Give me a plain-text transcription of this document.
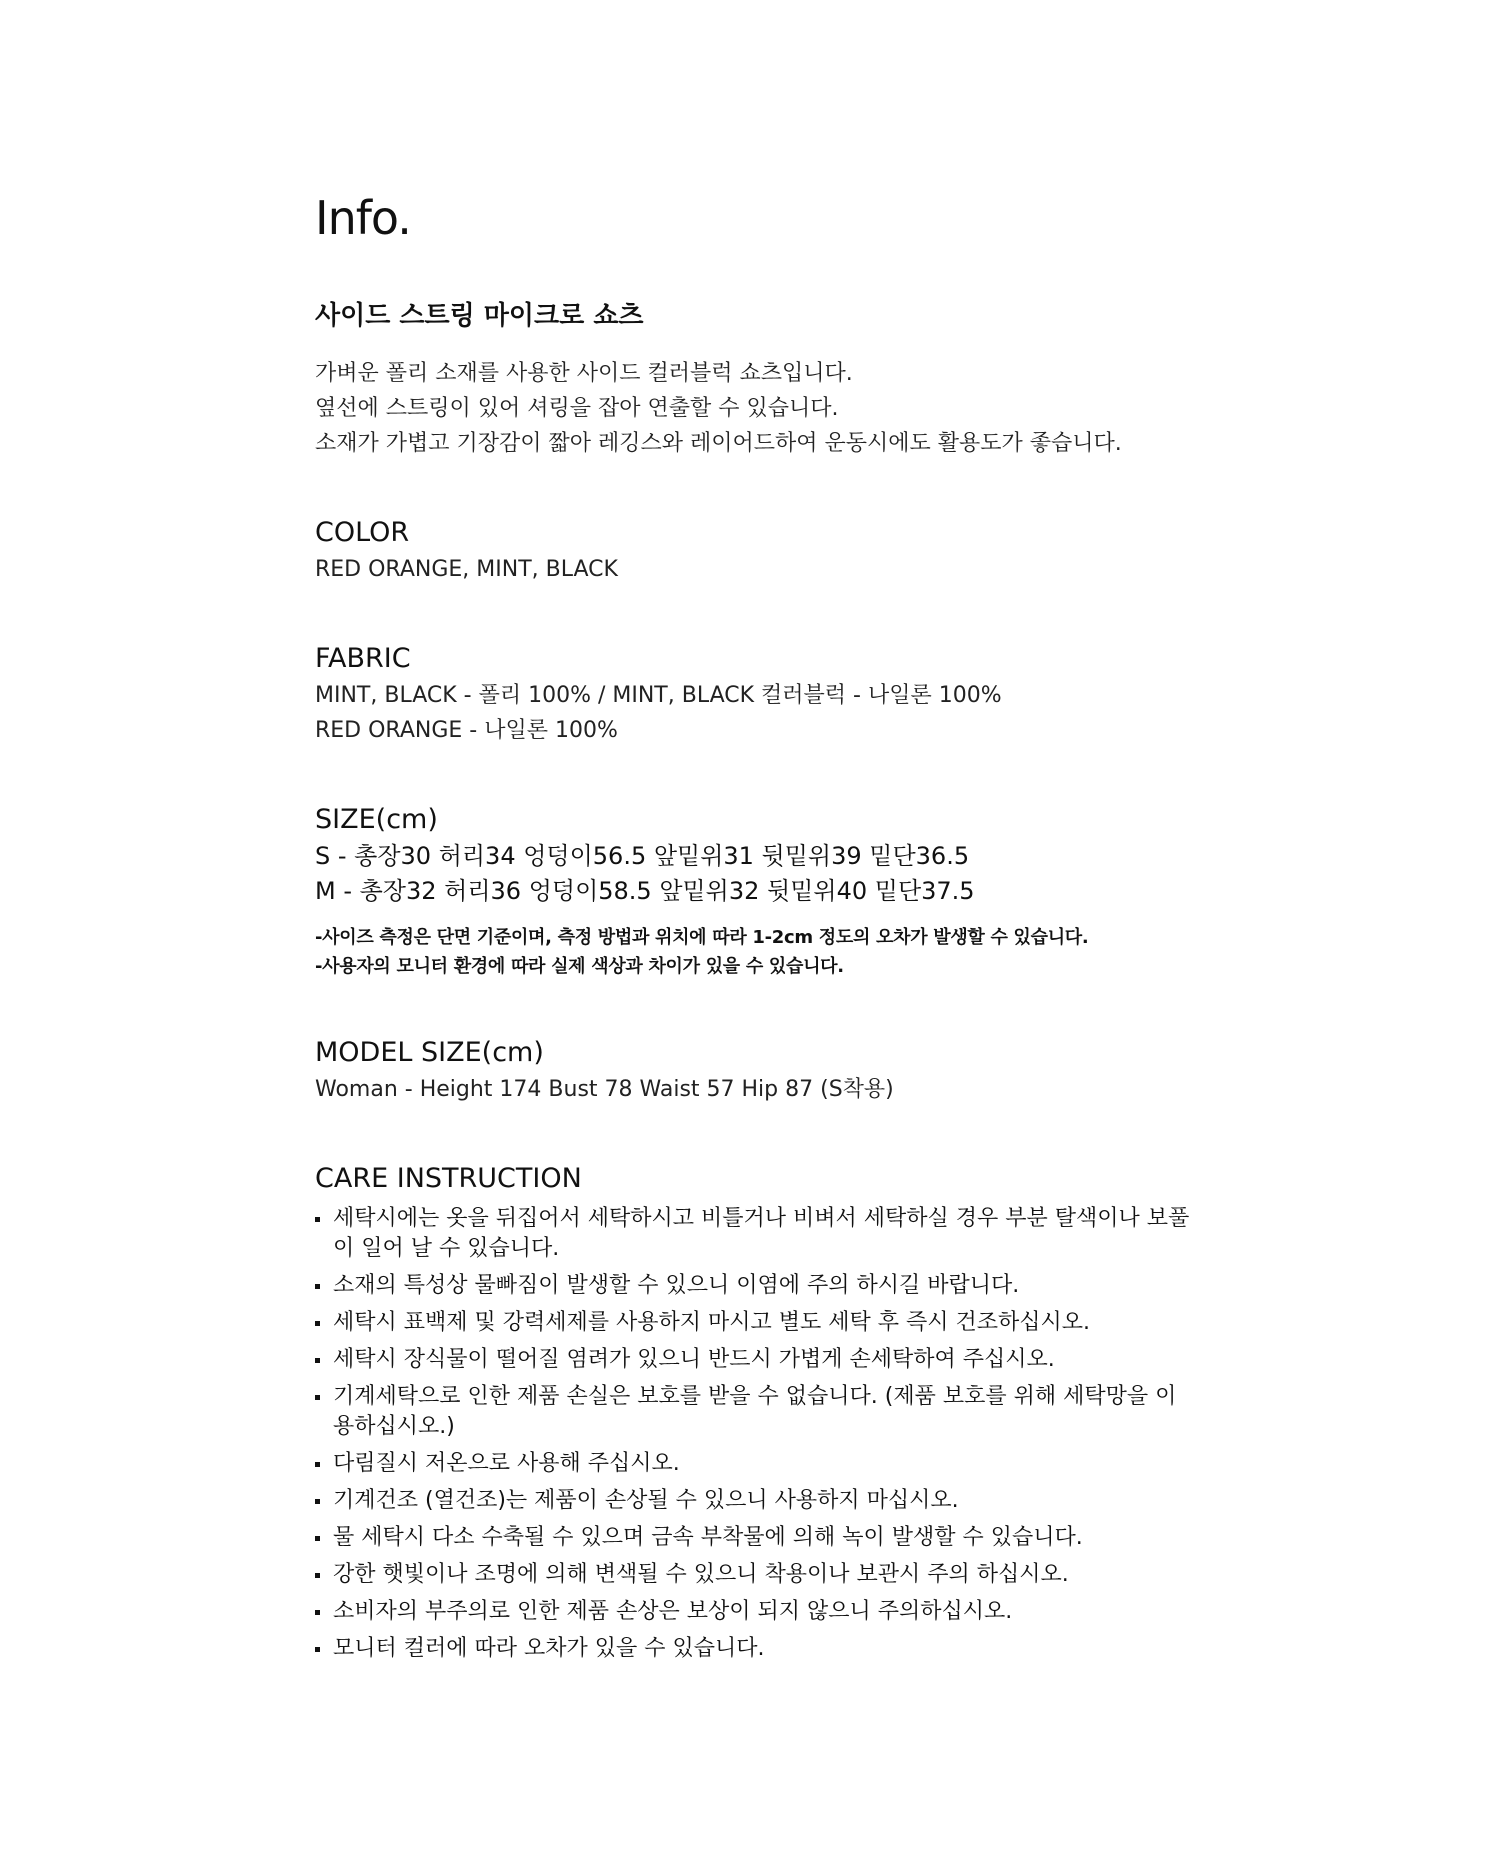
Info.
사이드 스트링 마이크로 쇼츠
가벼운 폴리 소재를 사용한 사이드 컬러블럭 쇼츠입니다.
옆선에 스트링이 있어 셔링을 잡아 연출할 수 있습니다.
소재가 가볍고 기장감이 짧아 레깅스와 레이어드하여 운동시에도 활용도가 좋습니다.
COLOR
RED ORANGE, MINT, BLACK
FABRIC
MINT, BLACK - 폴리 100% / MINT, BLACK 컬러블럭 - 나일론 100%
RED ORANGE - 나일론 100%
SIZE(cm)
S - 총장30 허리34 엉덩이56.5 앞밑위31 뒷밑위39 밑단36.5
M - 총장32 허리36 엉덩이58.5 앞밑위32 뒷밑위40 밑단37.5
-사이즈 측정은 단면 기준이며, 측정 방법과 위치에 따라 1-2cm 정도의 오차가 발생할 수 있습니다.
-사용자의 모니터 환경에 따라 실제 색상과 차이가 있을 수 있습니다.
MODEL SIZE(cm)
Woman - Height 174 Bust 78 Waist 57 Hip 87 (S착용)
CARE INSTRUCTION
세탁시에는 옷을 뒤집어서 세탁하시고 비틀거나 비벼서 세탁하실 경우 부분 탈색이나 보풀이 일어 날 수 있습니다.
소재의 특성상 물빠짐이 발생할 수 있으니 이염에 주의 하시길 바랍니다.
세탁시 표백제 및 강력세제를 사용하지 마시고 별도 세탁 후 즉시 건조하십시오.
세탁시 장식물이 떨어질 염려가 있으니 반드시 가볍게 손세탁하여 주십시오.
기계세탁으로 인한 제품 손실은 보호를 받을 수 없습니다. (제품 보호를 위해 세탁망을 이용하십시오.)
다림질시 저온으로 사용해 주십시오.
기계건조 (열건조)는 제품이 손상될 수 있으니 사용하지 마십시오.
물 세탁시 다소 수축될 수 있으며 금속 부착물에 의해 녹이 발생할 수 있습니다.
강한 햇빛이나 조명에 의해 변색될 수 있으니 착용이나 보관시 주의 하십시오.
소비자의 부주의로 인한 제품 손상은 보상이 되지 않으니 주의하십시오.
모니터 컬러에 따라 오차가 있을 수 있습니다.
